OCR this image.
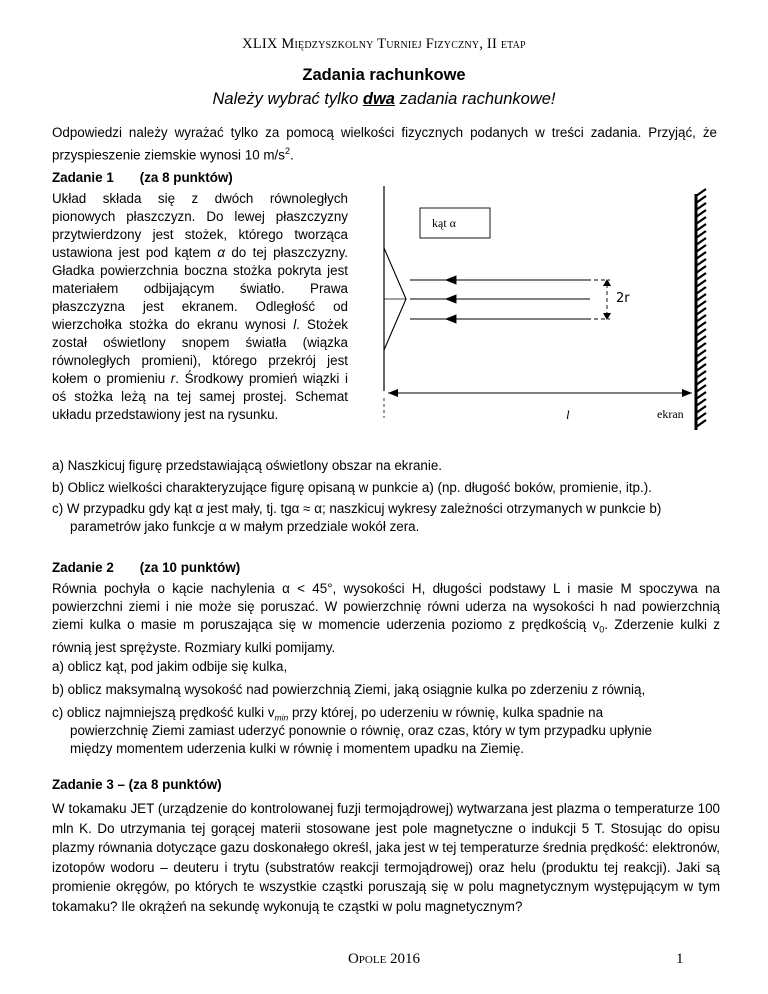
XLIX Międzyszkolny Turniej Fizyczny, II etap
Zadania rachunkowe
Należy wybrać tylko dwa zadania rachunkowe!
Odpowiedzi należy wyrażać tylko za pomocą wielkości fizycznych podanych w treści zadania. Przyjąć, że przyspieszenie ziemskie wynosi 10 $m/s^2$.
Zadanie 1 (za 8 punktów)
Układ składa się z dwóch równoległych pionowych płaszczyzn. Do lewej płaszczyzny przytwierdzony jest stożek, którego tworząca ustawiona jest pod kątem α do tej płaszczyzny. Gładka powierzchnia boczna stożka pokryta jest materiałem odbijającym światło. Prawa płaszczyzna jest ekranem. Odległość od wierzchołka stożka do ekranu wynosi l. Stożek został oświetlony snopem światła (wiązka równoległych promieni), którego przekrój jest kołem o promieniu r. Środkowy promień wiązki i oś stożka leżą na tej samej prostej. Schemat układu przedstawiony jest na rysunku.
kąt α
2r
l	ekran
a) Naszkicuj figurę przedstawiającą oświetlony obszar na ekranie.
b) Oblicz wielkości charakteryzujące figurę opisaną w punkcie a) (np. długość boków, promienie, itp.).
c) W przypadku gdy kąt α jest mały, tj. tgα ≈ α; naszkicuj wykresy zależności otrzymanych w punkcie b)
parametrów jako funkcje α w małym przedziale wokół zera.
Zadanie 2 (za 10 punktów)
Równia pochyła o kącie nachylenia α < 45°, wysokości H, długości podstawy L i masie M spoczywa na powierzchni ziemi i nie może się poruszać. W powierzchnię równi uderza na wysokości h nad powierzchnią ziemi kulka o masie m poruszająca się w momencie uderzenia poziomo z prędkością $v_0$. Zderzenie kulki z równią jest sprężyste. Rozmiary kulki pomijamy.
a) oblicz kąt, pod jakim odbije się kulka,
b) oblicz maksymalną wysokość nad powierzchnią Ziemi, jaką osiągnie kulka po zderzeniu z równią,
c) oblicz najmniejszą prędkość kulki $v_{min}$ przy której, po uderzeniu w równię, kulka spadnie na
powierzchnię Ziemi zamiast uderzyć ponownie o równię, oraz czas, który w tym przypadku upłynie
między momentem uderzenia kulki w równię i momentem upadku na Ziemię.
Zadanie 3 – (za 8 punktów)
W tokamaku JET (urządzenie do kontrolowanej fuzji termojądrowej) wytwarzana jest plazma o temperaturze 100 mln K. Do utrzymania tej gorącej materii stosowane jest pole magnetyczne o indukcji 5 T. Stosując do opisu plazmy równania dotyczące gazu doskonałego określ, jaka jest w tej temperaturze średnia prędkość: elektronów, izotopów wodoru – deuteru i trytu (substratów reakcji termojądrowej) oraz helu (produktu tej reakcji). Jaki są promienie okręgów, po których te wszystkie cząstki poruszają się w polu magnetycznym występującym w tym tokamaku? Ile okrążeń na sekundę wykonują te cząstki w polu magnetycznym?
Opole 2016	1
